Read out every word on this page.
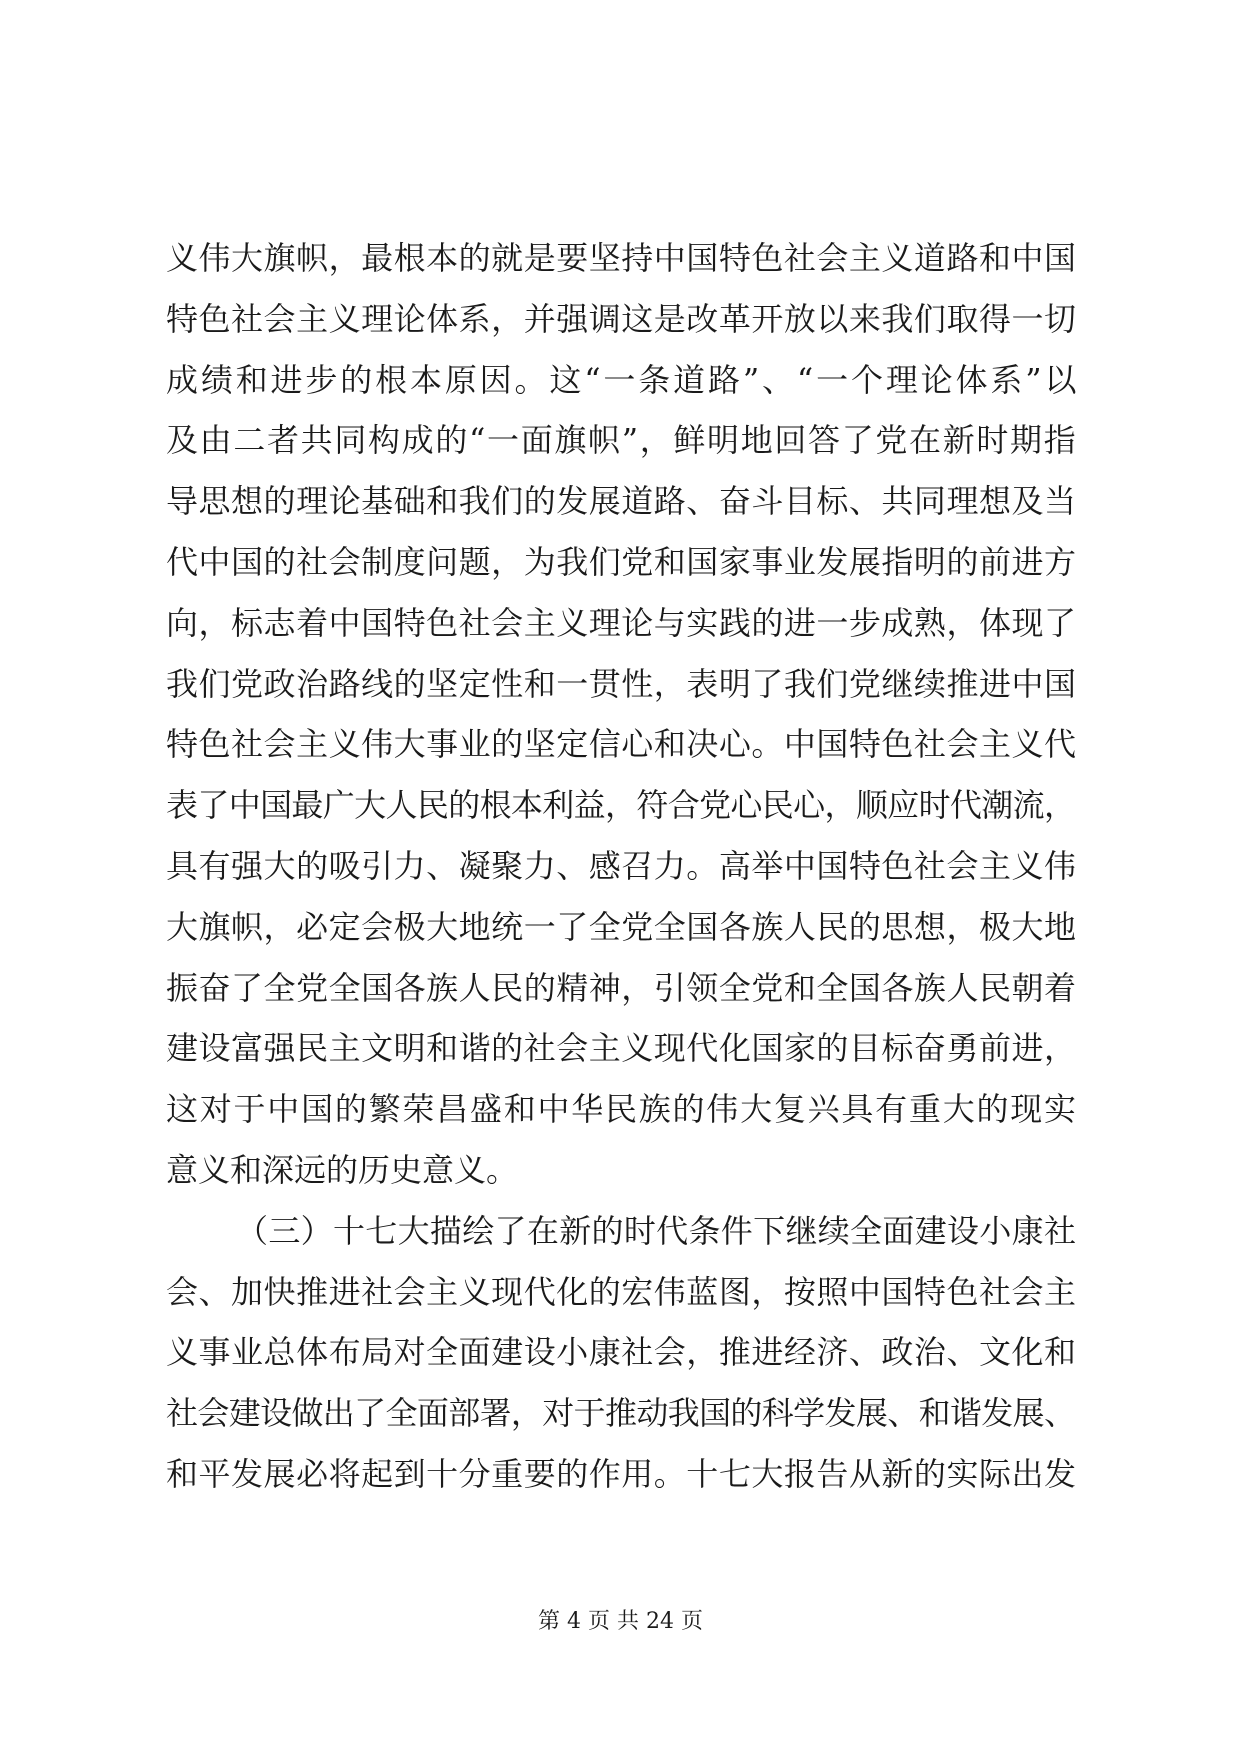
义伟大旗帜，最根本的就是要坚持中国特色社会主义道路和中国
特色社会主义理论体系，并强调这是改革开放以来我们取得一切
成绩和进步的根本原因。这“一条道路”、“一个理论体系”以
及由二者共同构成的“一面旗帜”，鲜明地回答了党在新时期指
导思想的理论基础和我们的发展道路、奋斗目标、共同理想及当
代中国的社会制度问题，为我们党和国家事业发展指明的前进方
向，标志着中国特色社会主义理论与实践的进一步成熟，体现了
我们党政治路线的坚定性和一贯性，表明了我们党继续推进中国
特色社会主义伟大事业的坚定信心和决心。中国特色社会主义代
表了中国最广大人民的根本利益，符合党心民心，顺应时代潮流，
具有强大的吸引力、凝聚力、感召力。高举中国特色社会主义伟
大旗帜，必定会极大地统一了全党全国各族人民的思想，极大地
振奋了全党全国各族人民的精神，引领全党和全国各族人民朝着
建设富强民主文明和谐的社会主义现代化国家的目标奋勇前进，
这对于中国的繁荣昌盛和中华民族的伟大复兴具有重大的现实
意义和深远的历史意义。
（三）十七大描绘了在新的时代条件下继续全面建设小康社
会、加快推进社会主义现代化的宏伟蓝图，按照中国特色社会主
义事业总体布局对全面建设小康社会，推进经济、政治、文化和
社会建设做出了全面部署，对于推动我国的科学发展、和谐发展、
和平发展必将起到十分重要的作用。十七大报告从新的实际出发
第 4 页 共 24 页
